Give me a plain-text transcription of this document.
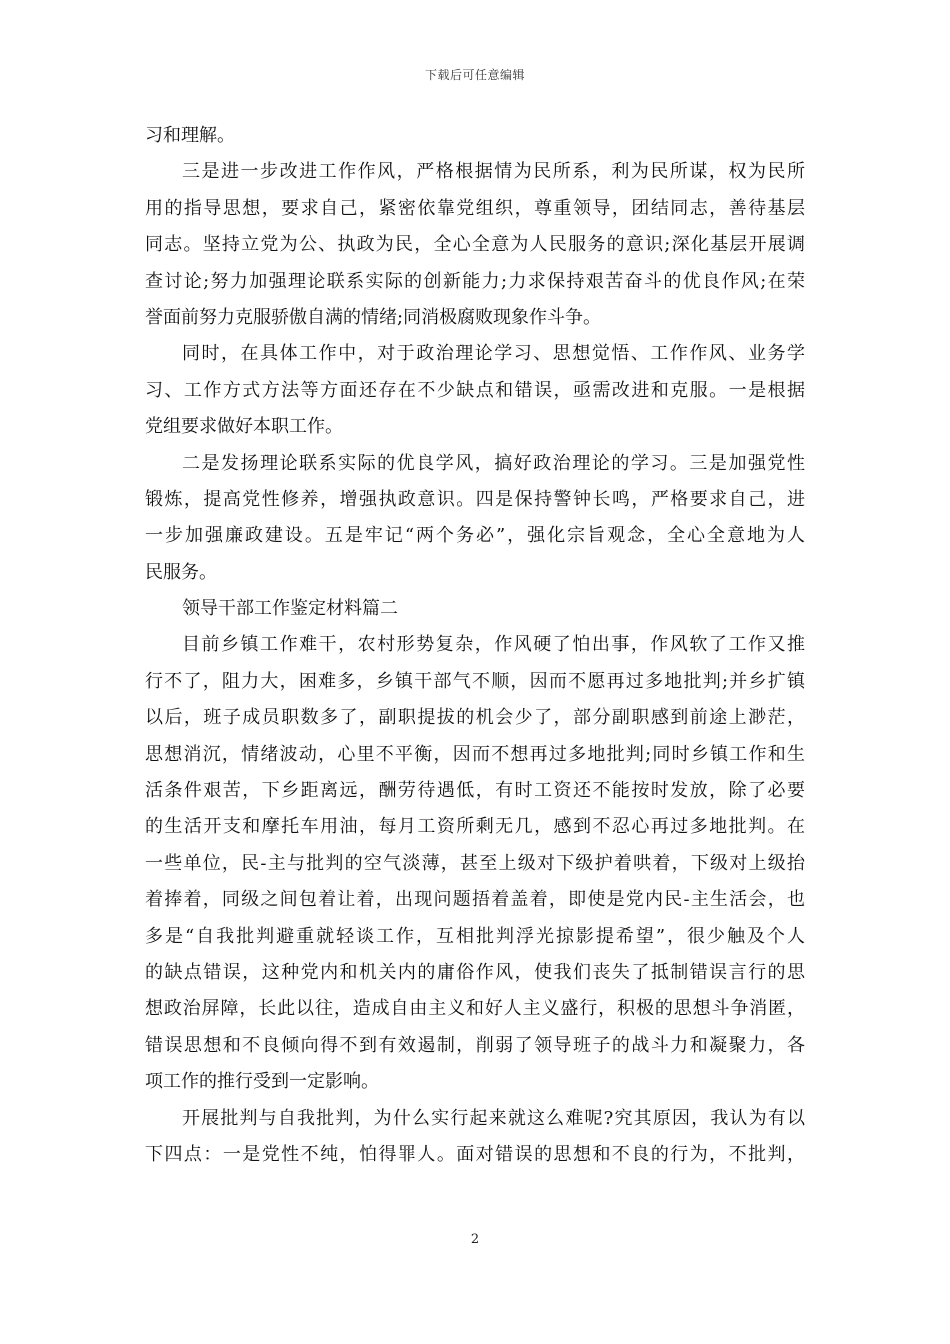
下载后可任意编辑
习和理解。
三是进一步改进工作作风，严格根据情为民所系，利为民所谋，权为民所
用的指导思想，要求自己，紧密依靠党组织，尊重领导，团结同志，善待基层
同志。坚持立党为公、执政为民，全心全意为人民服务的意识;深化基层开展调
查讨论;努力加强理论联系实际的创新能力;力求保持艰苦奋斗的优良作风;在荣
誉面前努力克服骄傲自满的情绪;同消极腐败现象作斗争。
同时，在具体工作中，对于政治理论学习、思想觉悟、工作作风、业务学
习、工作方式方法等方面还存在不少缺点和错误，亟需改进和克服。一是根据
党组要求做好本职工作。
二是发扬理论联系实际的优良学风，搞好政治理论的学习。三是加强党性
锻炼，提高党性修养，增强执政意识。四是保持警钟长鸣，严格要求自己，进
一步加强廉政建设。五是牢记“两个务必”，强化宗旨观念，全心全意地为人
民服务。
领导干部工作鉴定材料篇二
目前乡镇工作难干，农村形势复杂，作风硬了怕出事，作风软了工作又推
行不了，阻力大，困难多，乡镇干部气不顺，因而不愿再过多地批判;并乡扩镇
以后，班子成员职数多了，副职提拔的机会少了，部分副职感到前途上渺茫，
思想消沉，情绪波动，心里不平衡，因而不想再过多地批判;同时乡镇工作和生
活条件艰苦，下乡距离远，酬劳待遇低，有时工资还不能按时发放，除了必要
的生活开支和摩托车用油，每月工资所剩无几，感到不忍心再过多地批判。在
一些单位，民-主与批判的空气淡薄，甚至上级对下级护着哄着，下级对上级抬
着捧着，同级之间包着让着，出现问题捂着盖着，即使是党内民-主生活会，也
多是“自我批判避重就轻谈工作，互相批判浮光掠影提希望”，很少触及个人
的缺点错误，这种党内和机关内的庸俗作风，使我们丧失了抵制错误言行的思
想政治屏障，长此以往，造成自由主义和好人主义盛行，积极的思想斗争消匿，
错误思想和不良倾向得不到有效遏制，削弱了领导班子的战斗力和凝聚力，各
项工作的推行受到一定影响。
开展批判与自我批判，为什么实行起来就这么难呢?究其原因，我认为有以
下四点：一是党性不纯，怕得罪人。面对错误的思想和不良的行为，不批判，
2
